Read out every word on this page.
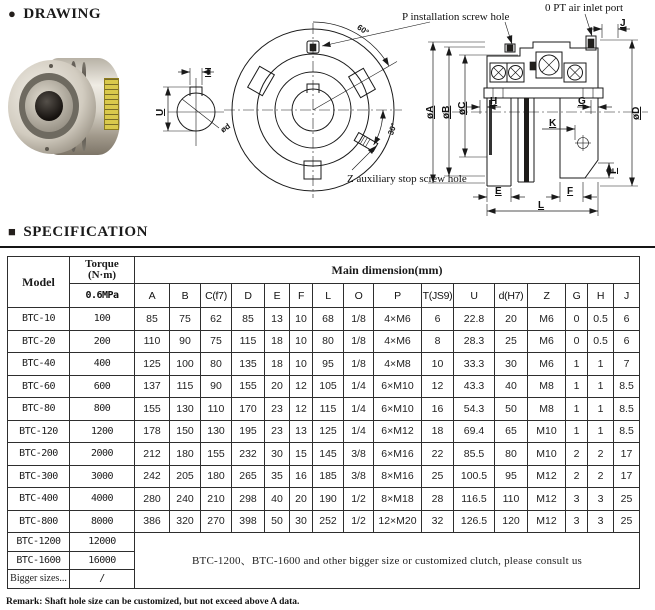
● DRAWING
ød
T
U
60°
30°
P installation screw hole
Z auxiliary stop screw hole
0 PT air inlet port
J
øA øB øC	øD
H	G
K
E	F
F
L
■ SPECIFICATION
Model	Torque
(N·m)	Main dimension(mm)															
	0.6MPa	A	B	C(f7)	D	E	F	L	O	P	T(JS9)	U	d(H7)	Z	G	H	J
BTC-10	100	85	75	62	85	13	10	68	1/8	4×M6	6	22.8	20	M6	0	0.5	6
BTC-20	200	110	90	75	115	18	10	80	1/8	4×M6	8	28.3	25	M6	0	0.5	6
BTC-40	400	125	100	80	135	18	10	95	1/8	4×M8	10	33.3	30	M6	1	1	7
BTC-60	600	137	115	90	155	20	12	105	1/4	6×M10	12	43.3	40	M8	1	1	8.5
BTC-80	800	155	130	110	170	23	12	115	1/4	6×M10	16	54.3	50	M8	1	1	8.5
BTC-120	1200	178	150	130	195	23	13	125	1/4	6×M12	18	69.4	65	M10	1	1	8.5
BTC-200	2000	212	180	155	232	30	15	145	3/8	6×M16	22	85.5	80	M10	2	2	17
BTC-300	3000	242	205	180	265	35	16	185	3/8	8×M16	25	100.5	95	M12	2	2	17
BTC-400	4000	280	240	210	298	40	20	190	1/2	8×M18	28	116.5	110	M12	3	3	25
BTC-800	8000	386	320	270	398	50	30	252	1/2	12×M20	32	126.5	120	M12	3	3	25
BTC-1200	12000	BTC-1200、BTC-1600 and other bigger size or customized clutch, please consult us															
BTC-1600	16000																
Bigger sizes...	/																
Remark: Shaft hole size can be customized, but not exceed above A data.
